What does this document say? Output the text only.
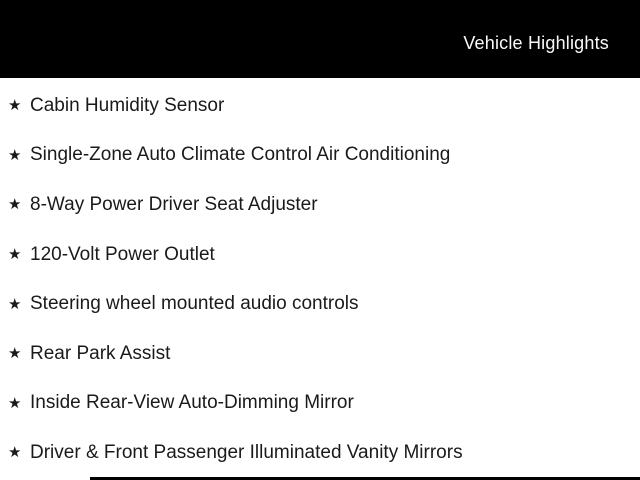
Vehicle Highlights
★ Cabin Humidity Sensor
★ Single-Zone Auto Climate Control Air Conditioning
★ 8-Way Power Driver Seat Adjuster
★ 120-Volt Power Outlet
★ Steering wheel mounted audio controls
★ Rear Park Assist
★ Inside Rear-View Auto-Dimming Mirror
★ Driver & Front Passenger Illuminated Vanity Mirrors
